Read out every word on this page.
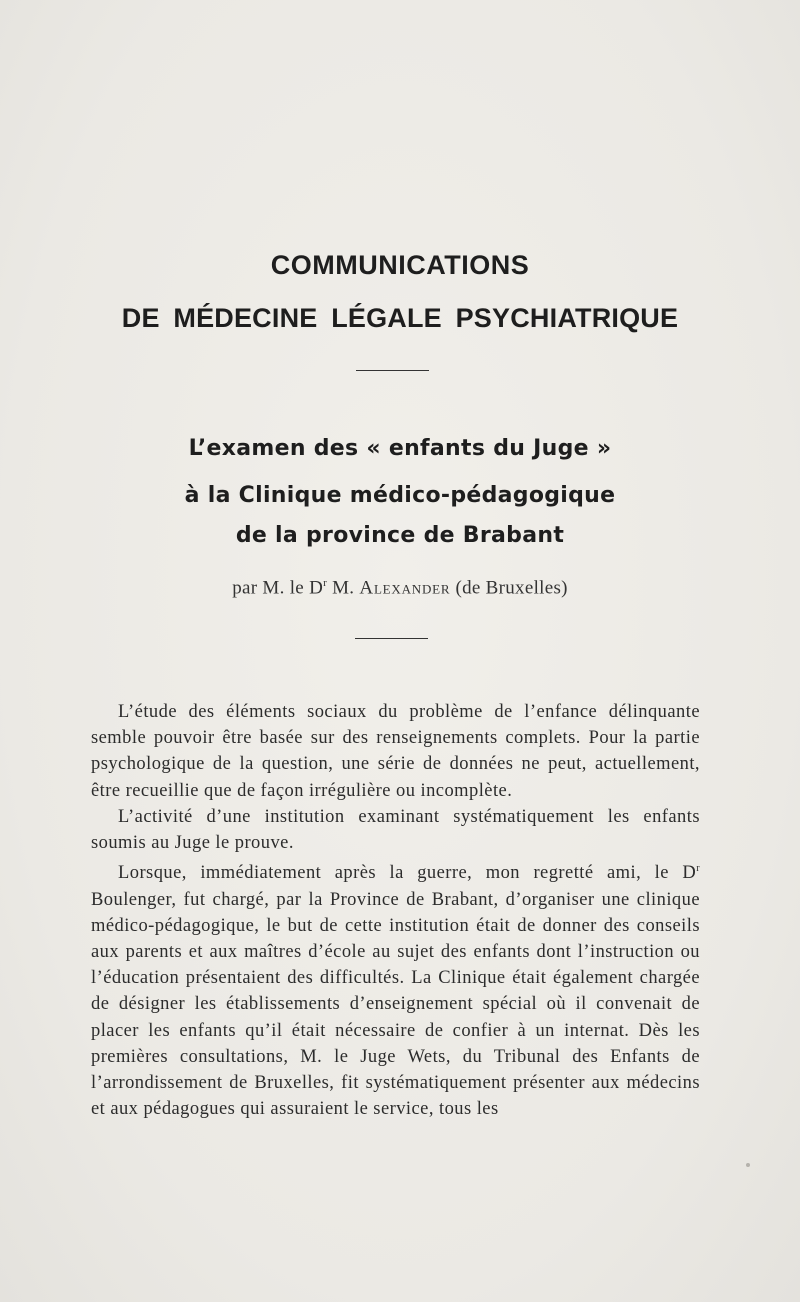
COMMUNICATIONS
DE MÉDECINE LÉGALE PSYCHIATRIQUE
L’examen des « enfants du Juge »
à la Clinique médico-pédagogique
de la province de Brabant

par M. le $D^r$ M. Alexander (de Bruxelles)

L’étude des éléments sociaux du problème de l’enfance délinquante semble pouvoir être basée sur des renseignements complets. Pour la partie psychologique de la question, une série de données ne peut, actuellement, être recueillie que de façon irrégulière ou incomplète.

L’activité d’une institution examinant systématiquement les enfants soumis au Juge le prouve.

Lorsque, immédiatement après la guerre, mon regretté ami, le $D^r$ Boulenger, fut chargé, par la Province de Brabant, d’organiser une clinique médico-pédagogique, le but de cette institution était de donner des conseils aux parents et aux maîtres d’école au sujet des enfants dont l’instruction ou l’éducation présentaient des difficultés. La Clinique était également chargée de désigner les établissements d’enseignement spécial où il convenait de placer les enfants qu’il était nécessaire de confier à un internat. Dès les premières consultations, M. le Juge Wets, du Tribunal des Enfants de l’arrondissement de Bruxelles, fit systématiquement présenter aux médecins et aux pédagogues qui assuraient le service, tous les
